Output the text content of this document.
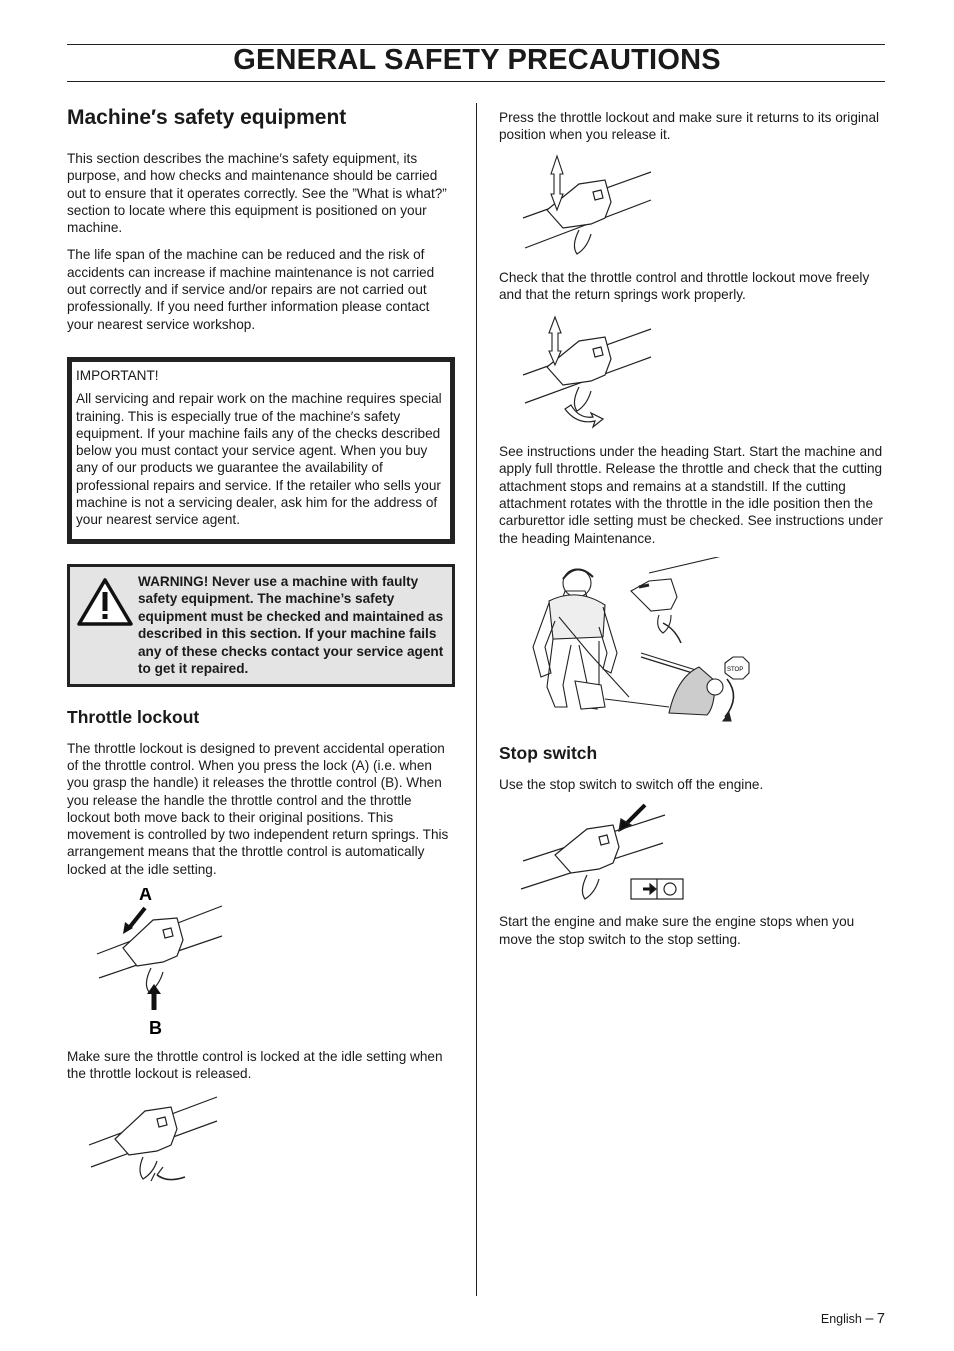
GENERAL SAFETY PRECAUTIONS
Machine′s safety equipment

This section describes the machine′s safety equipment, its purpose, and how checks and maintenance should be carried out to ensure that it operates correctly. See the ”What is what?” section to locate where this equipment is positioned on your machine.

The life span of the machine can be reduced and the risk of accidents can increase if machine maintenance is not carried out correctly and if service and/or repairs are not carried out professionally. If you need further information please contact your nearest service workshop.

IMPORTANT!

All servicing and repair work on the machine requires special training. This is especially true of the machine′s safety equipment. If your machine fails any of the checks described below you must contact your service agent. When you buy any of our products we guarantee the availability of professional repairs and service. If the retailer who sells your machine is not a servicing dealer, ask him for the address of your nearest service agent.

WARNING! Never use a machine with faulty safety equipment. The machine’s safety equipment must be checked and maintained as described in this section. If your machine fails any of these checks contact your service agent to get it repaired.
Throttle lockout

The throttle lockout is designed to prevent accidental operation of the throttle control. When you press the lock (A) (i.e. when you grasp the handle) it releases the throttle control (B). When you release the handle the throttle control and the throttle lockout both move back to their original positions. This movement is controlled by two independent return springs. This arrangement means that the throttle control is automatically locked at the idle setting.

A
B

Make sure the throttle control is locked at the idle setting when the throttle lockout is released.

Press the throttle lockout and make sure it returns to its original position when you release it.

Check that the throttle control and throttle lockout move freely and that the return springs work properly.

See instructions under the heading Start. Start the machine and apply full throttle. Release the throttle and check that the cutting attachment stops and remains at a standstill. If the cutting attachment rotates with the throttle in the idle position then the carburettor idle setting must be checked. See instructions under the heading Maintenance.

STOP
Stop switch

Use the stop switch to switch off the engine.

Start the engine and make sure the engine stops when you move the stop switch to the stop setting.

English – 7
